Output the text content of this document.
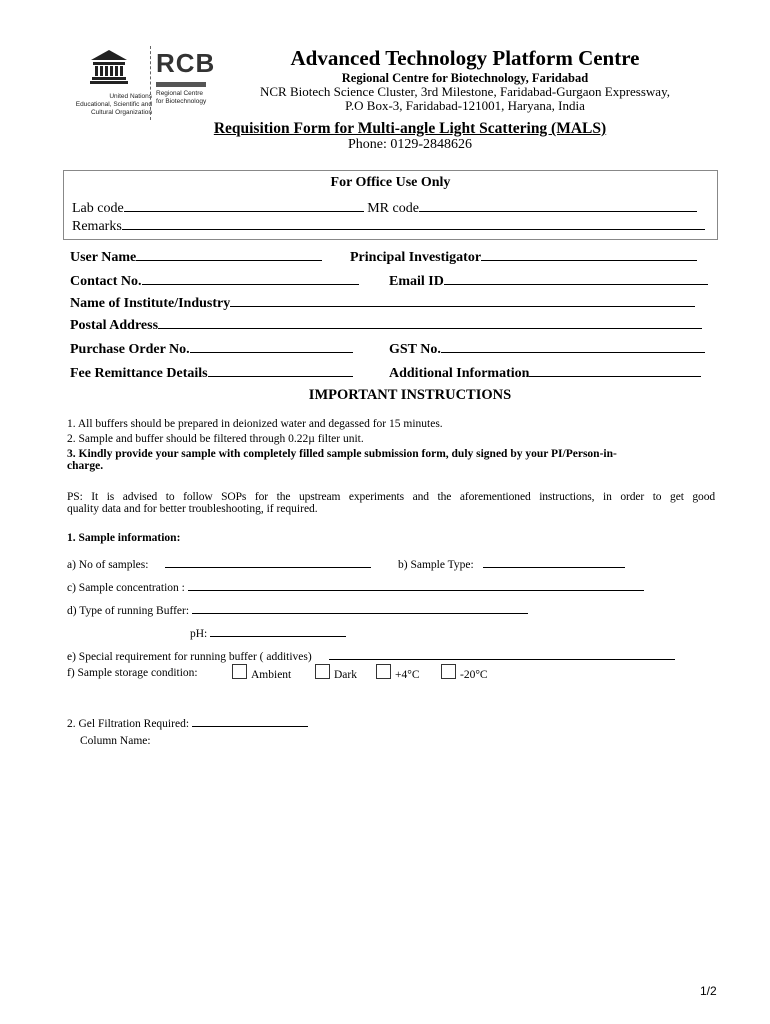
United Nations
Educational, Scientific and
Cultural Organization
RCB
Regional Centre
for Biotechnology
Advanced Technology Platform Centre
Regional Centre for Biotechnology, Faridabad
NCR Biotech Science Cluster, 3rd Milestone, Faridabad-Gurgaon Expressway,
P.O Box-3, Faridabad-121001, Haryana, India
Requisition Form for Multi-angle Light Scattering (MALS)
Phone: 0129-2848626
For Office Use Only
Lab code	MR code
Remarks
User Name	Principal Investigator
Contact No.	Email ID
Name of Institute/Industry
Postal Address
Purchase Order No.	GST No.
Fee Remittance Details	Additional Information
IMPORTANT INSTRUCTIONS
1. All buffers should be prepared in deionized water and degassed for 15 minutes.
2. Sample and buffer should be filtered through 0.22µ filter unit.
3. Kindly provide your sample with completely filled sample submission form, duly signed by your PI/Person-in-
charge.
PS: It is advised to follow SOPs for the upstream experiments and the aforementioned instructions, in order to get good
quality data and for better troubleshooting, if required.
1. Sample information:
a) No of samples:	b) Sample Type:
c) Sample concentration :
d) Type of running Buffer:
pH:
e) Special requirement for running buffer ( additives)
f) Sample storage condition:	Ambient	Dark	+4°C	-20°C
2. Gel Filtration Required:
Column Name:
1/2
